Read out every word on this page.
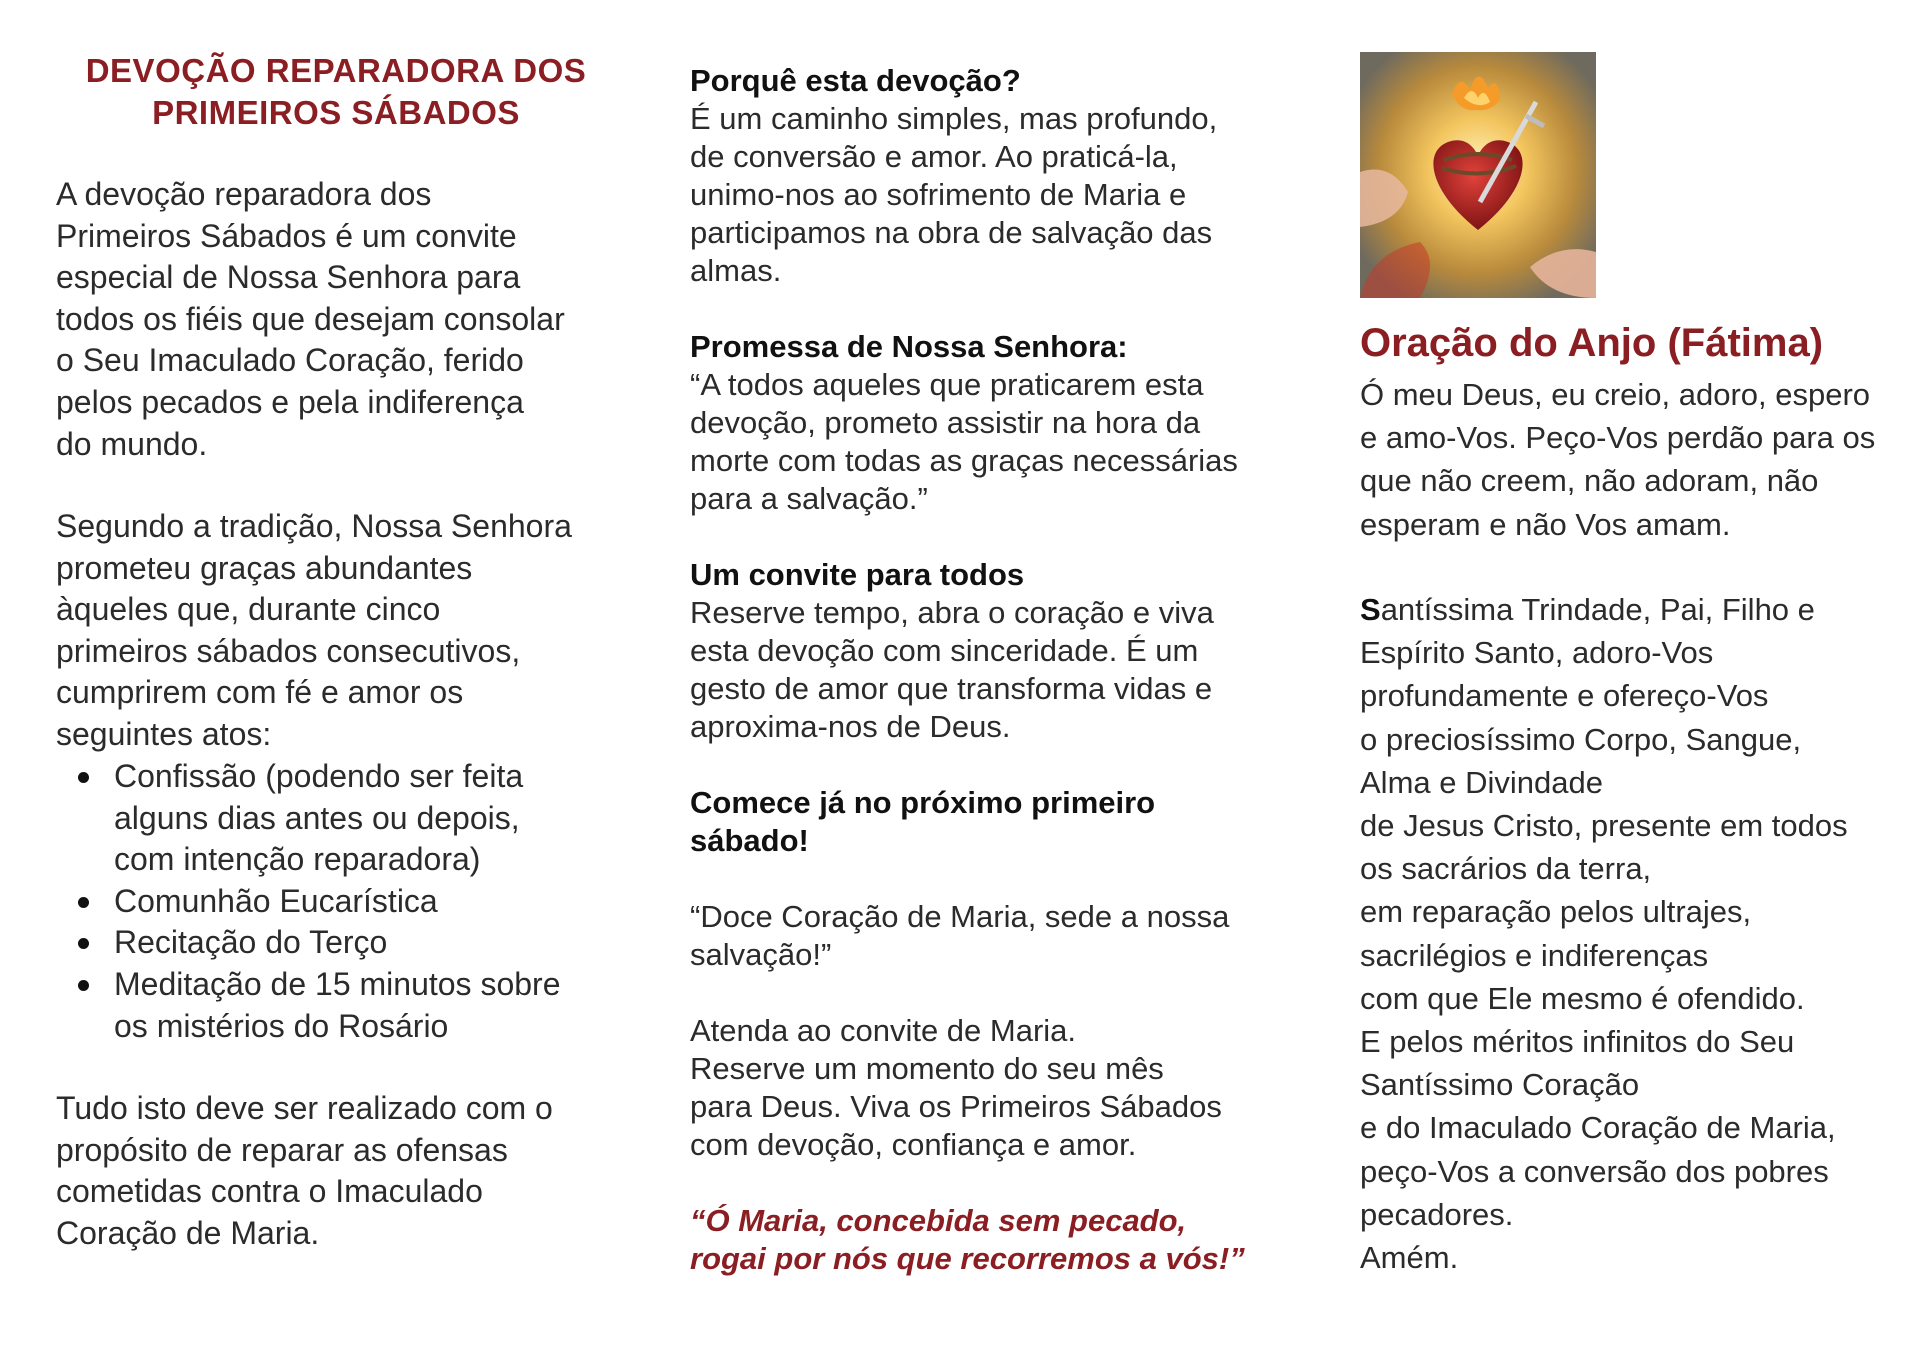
DEVOÇÃO REPARADORA DOS
PRIMEIROS SÁBADOS
A devoção reparadora dos
Primeiros Sábados é um convite
especial de Nossa Senhora para
todos os fiéis que desejam consolar
o Seu Imaculado Coração, ferido
pelos pecados e pela indiferença
do mundo.
Segundo a tradição, Nossa Senhora
prometeu graças abundantes
àqueles que, durante cinco
primeiros sábados consecutivos,
cumprirem com fé e amor os
seguintes atos:
Confissão (podendo ser feita
alguns dias antes ou depois,
com intenção reparadora)
Comunhão Eucarística
Recitação do Terço
Meditação de 15 minutos sobre
os mistérios do Rosário
Tudo isto deve ser realizado com o
propósito de reparar as ofensas
cometidas contra o Imaculado
Coração de Maria.
Porquê esta devoção?
É um caminho simples, mas profundo,
de conversão e amor. Ao praticá-la,
unimo-nos ao sofrimento de Maria e
participamos na obra de salvação das
almas.
Promessa de Nossa Senhora:
“A todos aqueles que praticarem esta
devoção, prometo assistir na hora da
morte com todas as graças necessárias
para a salvação.”
Um convite para todos
Reserve tempo, abra o coração e viva
esta devoção com sinceridade. É um
gesto de amor que transforma vidas e
aproxima-nos de Deus.
Comece já no próximo primeiro
sábado!
“Doce Coração de Maria, sede a nossa
salvação!”
Atenda ao convite de Maria.
Reserve um momento do seu mês
para Deus. Viva os Primeiros Sábados
com devoção, confiança e amor.
“Ó Maria, concebida sem pecado,
rogai por nós que recorremos a vós!”
Oração do Anjo (Fátima)
Ó meu Deus, eu creio, adoro, espero
e amo-Vos. Peço-Vos perdão para os
que não creem, não adoram, não
esperam e não Vos amam.
Santíssima Trindade, Pai, Filho e
Espírito Santo, adoro-Vos
profundamente e ofereço-Vos
o preciosíssimo Corpo, Sangue,
Alma e Divindade
de Jesus Cristo, presente em todos
os sacrários da terra,
em reparação pelos ultrajes,
sacrilégios e indiferenças
com que Ele mesmo é ofendido.
E pelos méritos infinitos do Seu
Santíssimo Coração
e do Imaculado Coração de Maria,
peço-Vos a conversão dos pobres
pecadores.
Amém.
